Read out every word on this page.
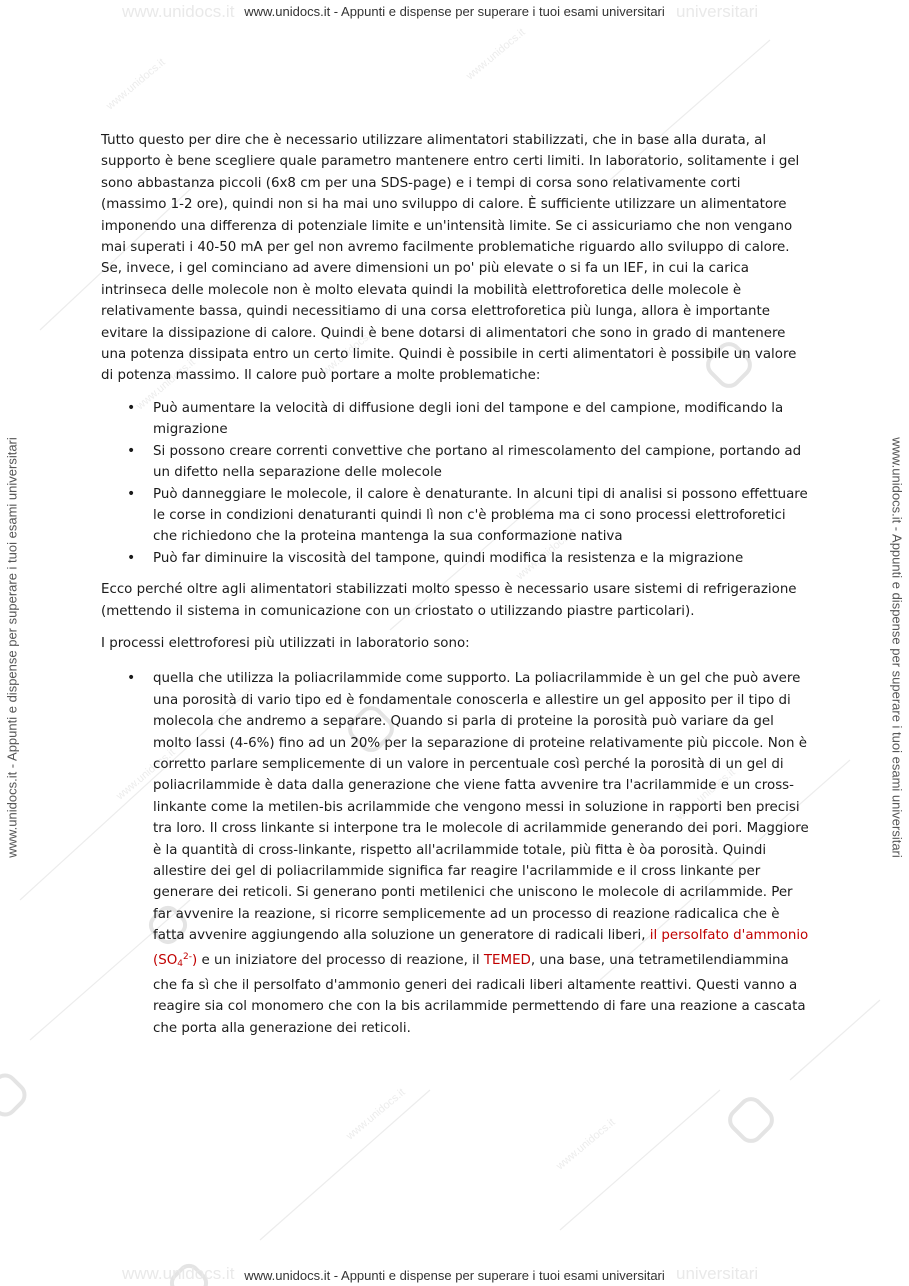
www.unidocs.it
www.unidocs.it
www.unidocs.it
www.unidocs.it
www.unidocs.it
www.unidocs.it	www.unidocs.it
www.unidocs.it
www.unidocs.it
www.unidocs.it	universitari
www.unidocs.it - Appunti e dispense per superare i tuoi esami universitari
www.unidocs.it	universitari
www.unidocs.it - Appunti e dispense per superare i tuoi esami universitari
www.unidocs.it - Appunti e dispense per superare i tuoi esami universitari	www.unidocs.it - Appunti e dispense per superare i tuoi esami universitari

Tutto questo per dire che è necessario utilizzare alimentatori stabilizzati, che in base alla durata, al supporto è bene scegliere quale parametro mantenere entro certi limiti. In laboratorio, solitamente i gel sono abbastanza piccoli (6x8 cm per una SDS-page) e i tempi di corsa sono relativamente corti (massimo 1-2 ore), quindi non si ha mai uno sviluppo di calore. È sufficiente utilizzare un alimentatore imponendo una differenza di potenziale limite e un'intensità limite. Se ci assicuriamo che non vengano mai superati i 40-50 mA per gel non avremo facilmente problematiche riguardo allo sviluppo di calore. Se, invece, i gel cominciano ad avere dimensioni un po' più elevate o si fa un IEF, in cui la carica intrinseca delle molecole non è molto elevata quindi la mobilità elettroforetica delle molecole è relativamente bassa, quindi necessitiamo di una corsa elettroforetica più lunga, allora è importante evitare la dissipazione di calore. Quindi è bene dotarsi di alimentatori che sono in grado di mantenere una potenza dissipata entro un certo limite. Quindi è possibile in certi alimentatori è possibile un valore di potenza massimo. Il calore può portare a molte problematiche:

• Può aumentare la velocità di diffusione degli ioni del tampone e del campione, modificando la migrazione
• Si possono creare correnti convettive che portano al rimescolamento del campione, portando ad un difetto nella separazione delle molecole
• Può danneggiare le molecole, il calore è denaturante. In alcuni tipi di analisi si possono effettuare le corse in condizioni denaturanti quindi lì non c'è problema ma ci sono processi elettroforetici che richiedono che la proteina mantenga la sua conformazione nativa
• Può far diminuire la viscosità del tampone, quindi modifica la resistenza e la migrazione

Ecco perché oltre agli alimentatori stabilizzati molto spesso è necessario usare sistemi di refrigerazione (mettendo il sistema in comunicazione con un criostato o utilizzando piastre particolari).

I processi elettroforesi più utilizzati in laboratorio sono:

• quella che utilizza la poliacrilammide come supporto. La poliacrilammide è un gel che può avere una porosità di vario tipo ed è fondamentale conoscerla e allestire un gel apposito per il tipo di molecola che andremo a separare. Quando si parla di proteine la porosità può variare da gel molto lassi (4-6%) fino ad un 20% per la separazione di proteine relativamente più piccole. Non è corretto parlare semplicemente di un valore in percentuale così perché la porosità di un gel di poliacrilammide è data dalla generazione che viene fatta avvenire tra l'acrilammide e un cross-linkante come la metilen-bis acrilammide che vengono messi in soluzione in rapporti ben precisi tra loro. Il cross linkante si interpone tra le molecole di acrilammide generando dei pori. Maggiore è la quantità di cross-linkante, rispetto all'acrilammide totale, più fitta è òa porosità. Quindi allestire dei gel di poliacrilammide significa far reagire l'acrilammide e il cross linkante per generare dei reticoli. Si generano ponti metilenici che uniscono le molecole di acrilammide. Per far avvenire la reazione, si ricorre semplicemente ad un processo di reazione radicalica che è fatta avvenire aggiungendo alla soluzione un generatore di radicali liberi, il persolfato d'ammonio $(SO_4^{2-})$ e un iniziatore del processo di reazione, il TEMED, una base, una tetrametilendiammina che fa sì che il persolfato d'ammonio generi dei radicali liberi altamente reattivi. Questi vanno a reagire sia col monomero che con la bis acrilammide permettendo di fare una reazione a cascata che porta alla generazione dei reticoli.
